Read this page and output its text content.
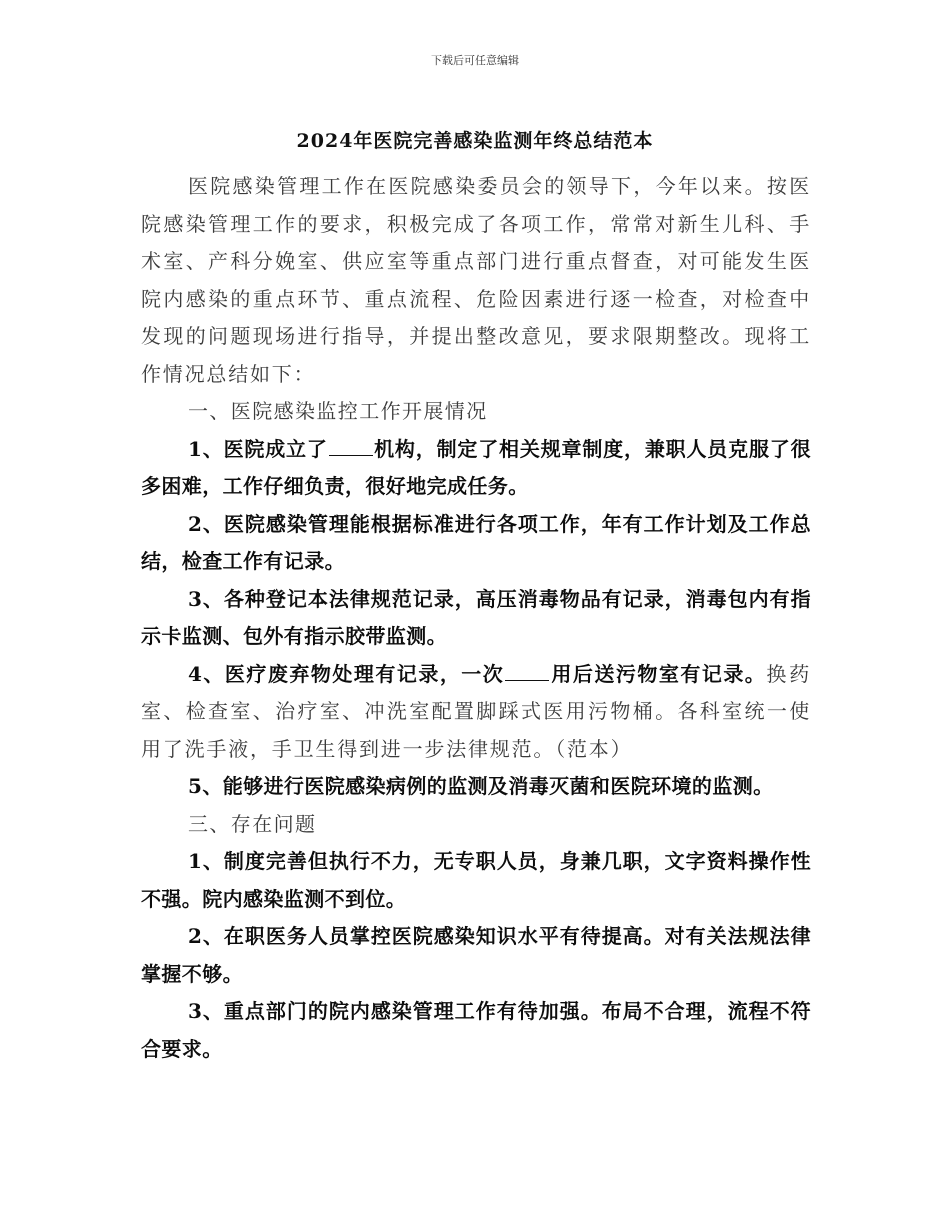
下载后可任意编辑
2024年医院完善感染监测年终总结范本

医院感染管理工作在医院感染委员会的领导下，今年以来。按医院感染管理工作的要求，积极完成了各项工作，常常对新生儿科、手术室、产科分娩室、供应室等重点部门进行重点督查，对可能发生医院内感染的重点环节、重点流程、危险因素进行逐一检查，对检查中发现的问题现场进行指导，并提出整改意见，要求限期整改。现将工作情况总结如下：

一、医院感染监控工作开展情况

1、医院成立了 机构，制定了相关规章制度，兼职人员克服了很多困难，工作仔细负责，很好地完成任务。

2、医院感染管理能根据标准进行各项工作，年有工作计划及工作总结，检查工作有记录。

3、各种登记本法律规范记录，高压消毒物品有记录，消毒包内有指示卡监测、包外有指示胶带监测。

4、医疗废弃物处理有记录，一次 用后送污物室有记录。换药室、检查室、治疗室、冲洗室配置脚踩式医用污物桶。各科室统一使用了洗手液，手卫生得到进一步法律规范。（范本）

5、能够进行医院感染病例的监测及消毒灭菌和医院环境的监测。

三、存在问题

1、制度完善但执行不力，无专职人员，身兼几职，文字资料操作性不强。院内感染监测不到位。

2、在职医务人员掌控医院感染知识水平有待提高。对有关法规法律掌握不够。

3、重点部门的院内感染管理工作有待加强。布局不合理，流程不符合要求。
